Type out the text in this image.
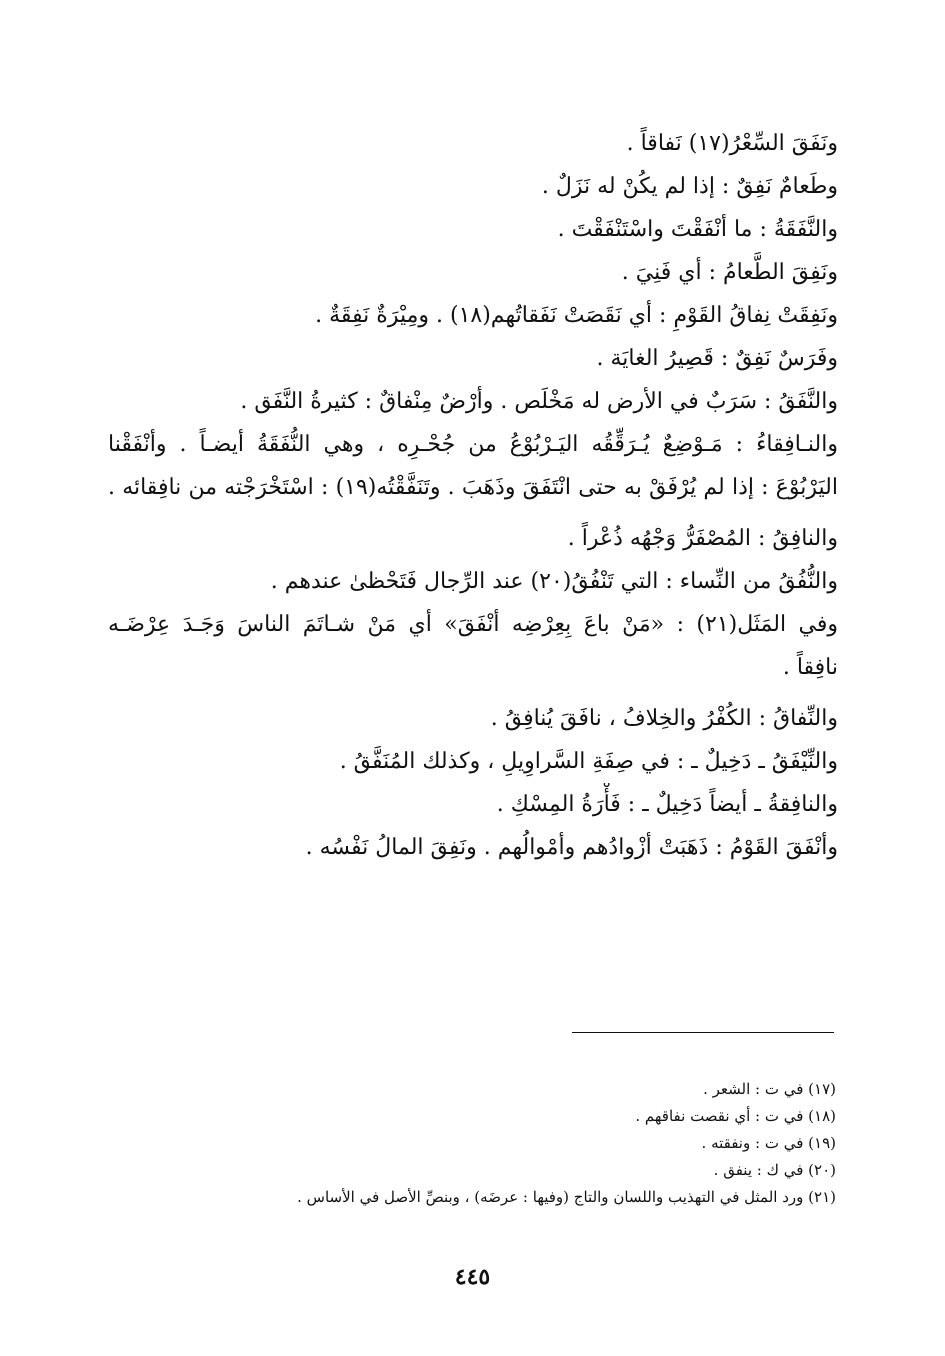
ونَفَقَ السِّعْرُ(١٧) نَفاقاً .
وطَعامٌ نَفِقٌ : إذا لم يكُنْ له نَزَلٌ .
والنَّفَقَةُ : ما أنْفَقْتَ واسْتَنْفَقْتَ .
ونَفِقَ الطَّعامُ : أي فَنِيَ .
ونَفِقَتْ نِفاقُ القَوْمِ : أي نَقَصَتْ نَفَقاتُهم(١٨) . ومِيْرَةٌ نَفِقَةٌ .
وفَرَسٌ نَفِقٌ : قَصِيرُ الغايَة .
والنَّفَقُ : سَرَبٌ في الأرض له مَخْلَص . وأرْضٌ مِنْفاقٌ : كثيرةُ النَّفَق .
والنـافِقاءُ : مَـوْضِعٌ يُـرَقِّقُه اليَـرْبُوْعُ من جُحْـرِه ، وهي النُّفَقَةُ أيضـاً . وأنْفَقْنا
اليَرْبُوْعَ : إذا لم يُرْفَقْ به حتى انْتَفَقَ وذَهَبَ . وتَنَفَّقْتُه(١٩) : اسْتَخْرَجْته من نافِقائه .
والنافِقُ : المُصْفَرُّ وَجْهُه ذُعْراً .
والنُّفُقُ من النِّساء : التي تَنْفُقُ(٢٠) عند الرِّجال فَتَحْظىٰ عندهم .
وفي المَثَل(٢١) : «مَنْ باعَ بِعِرْضِه أنْفَقَ» أي مَنْ شـاتَمَ الناسَ وَجَـدَ عِرْضَـه
نافِقاً .
والنِّفاقُ : الكُفْرُ والخِلافُ ، نافَقَ يُنافِقُ .
والنِّيْفَقُ ـ دَخِيلٌ ـ : في صِفَةِ السَّراوِيلِ ، وكذلك المُنَفَّقُ .
والنافِقةُ ـ أيضاً دَخِيلٌ ـ : فَأْرَةُ المِسْكِ .
وأنْفَقَ القَوْمُ : ذَهَبَتْ أزْوادُهم وأمْوالُهم . ونَفِقَ المالُ نَفْسُه .
(١٧) في ت : الشعر .
(١٨) في ت : أي نقصت نفاقهم .
(١٩) في ت : ونفقته .
(٢٠) في ك : ينفق .
(٢١) ورد المثل في التهذيب واللسان والتاج (وفيها : عرضَه) ، وبنصِّ الأصل في الأساس .
٤٤٥
